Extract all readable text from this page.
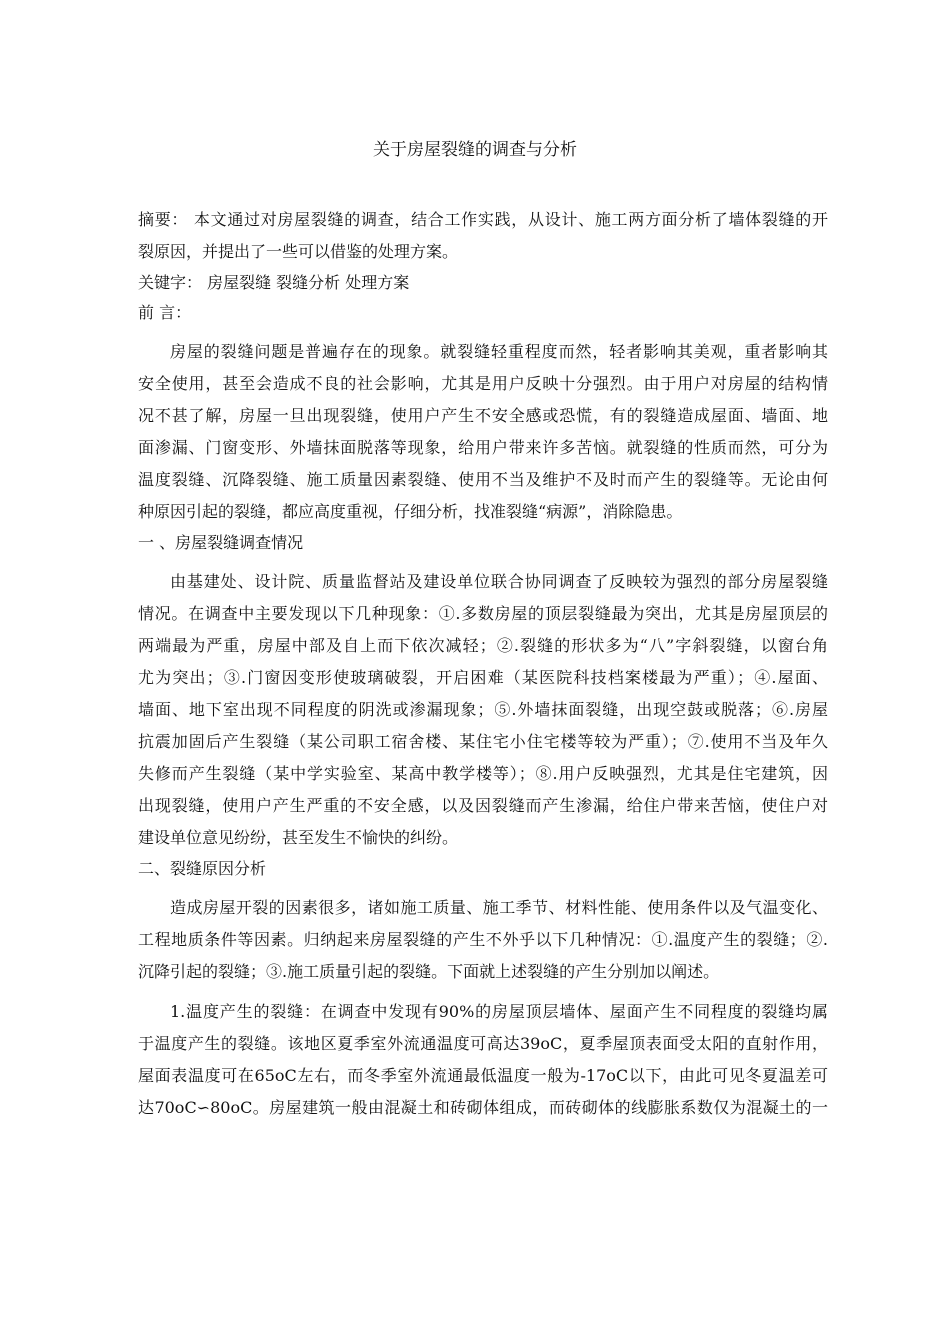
关于房屋裂缝的调查与分析
摘要： 本文通过对房屋裂缝的调查，结合工作实践，从设计、施工两方面分析了墙体裂缝的开
裂原因，并提出了一些可以借鉴的处理方案。
关键字： 房屋裂缝 裂缝分析 处理方案
前 言：
房屋的裂缝问题是普遍存在的现象。就裂缝轻重程度而然，轻者影响其美观，重者影响其
安全使用，甚至会造成不良的社会影响，尤其是用户反映十分强烈。由于用户对房屋的结构情
况不甚了解，房屋一旦出现裂缝，使用户产生不安全感或恐慌，有的裂缝造成屋面、墙面、地
面渗漏、门窗变形、外墙抹面脱落等现象，给用户带来许多苦恼。就裂缝的性质而然，可分为
温度裂缝、沉降裂缝、施工质量因素裂缝、使用不当及维护不及时而产生的裂缝等。无论由何
种原因引起的裂缝，都应高度重视，仔细分析，找准裂缝“病源”，消除隐患。
一 、房屋裂缝调查情况
由基建处、设计院、质量监督站及建设单位联合协同调查了反映较为强烈的部分房屋裂缝
情况。在调查中主要发现以下几种现象：①.多数房屋的顶层裂缝最为突出，尤其是房屋顶层的
两端最为严重，房屋中部及自上而下依次减轻；②.裂缝的形状多为“八”字斜裂缝，以窗台角
尤为突出；③.门窗因变形使玻璃破裂，开启困难（某医院科技档案楼最为严重）；④.屋面、
墙面、地下室出现不同程度的阴洗或渗漏现象；⑤.外墙抹面裂缝，出现空鼓或脱落；⑥.房屋
抗震加固后产生裂缝（某公司职工宿舍楼、某住宅小住宅楼等较为严重）；⑦.使用不当及年久
失修而产生裂缝（某中学实验室、某高中教学楼等）；⑧.用户反映强烈，尤其是住宅建筑，因
出现裂缝，使用户产生严重的不安全感，以及因裂缝而产生渗漏，给住户带来苦恼，使住户对
建设单位意见纷纷，甚至发生不愉快的纠纷。
二、裂缝原因分析
造成房屋开裂的因素很多，诸如施工质量、施工季节、材料性能、使用条件以及气温变化、
工程地质条件等因素。归纳起来房屋裂缝的产生不外乎以下几种情况：①.温度产生的裂缝；②.
沉降引起的裂缝；③.施工质量引起的裂缝。下面就上述裂缝的产生分别加以阐述。
1.温度产生的裂缝：在调查中发现有90%的房屋顶层墙体、屋面产生不同程度的裂缝均属
于温度产生的裂缝。该地区夏季室外流通温度可高达39oC，夏季屋顶表面受太阳的直射作用，
屋面表温度可在65oC左右，而冬季室外流通最低温度一般为-17oC以下，由此可见冬夏温差可
达70oC∽80oC。房屋建筑一般由混凝土和砖砌体组成，而砖砌体的线膨胀系数仅为混凝土的一
